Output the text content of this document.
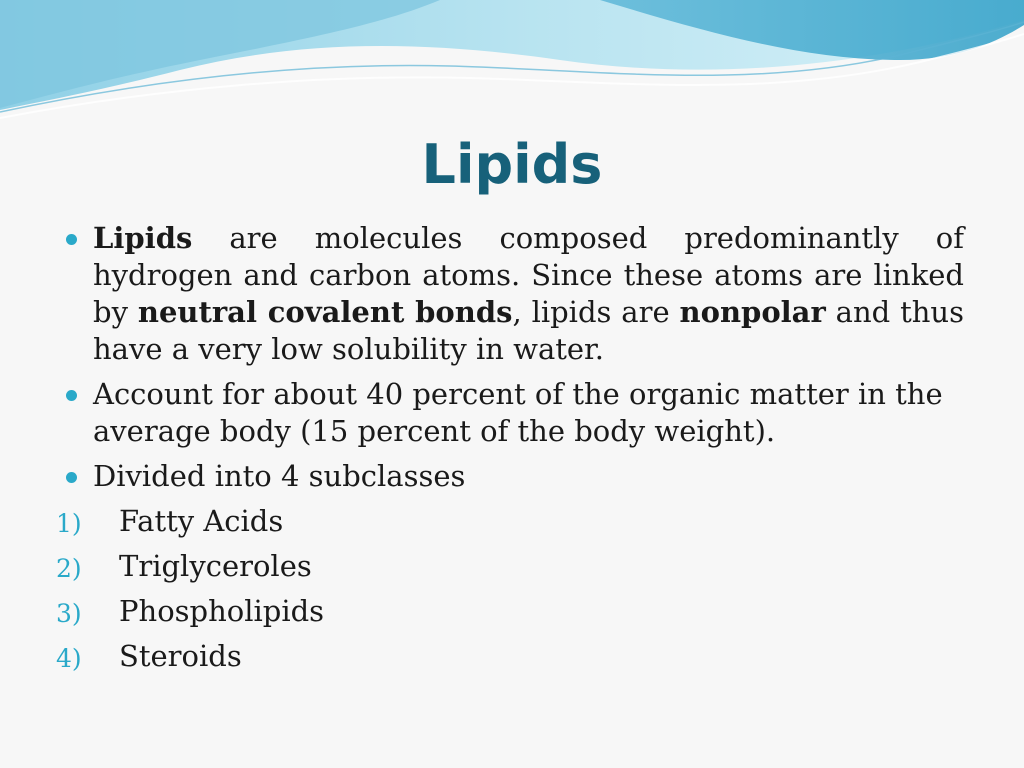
Lipids
Lipids are molecules composed predominantly of hydrogen and carbon atoms. Since these atoms are linked by neutral covalent bonds, lipids are nonpolar and thus have a very low solubility in water.
Account for about 40 percent of the organic matter in the average body (15 percent of the body weight).
Divided into 4 subclasses
1) Fatty Acids
2) Triglyceroles
3) Phospholipids
4) Steroids
